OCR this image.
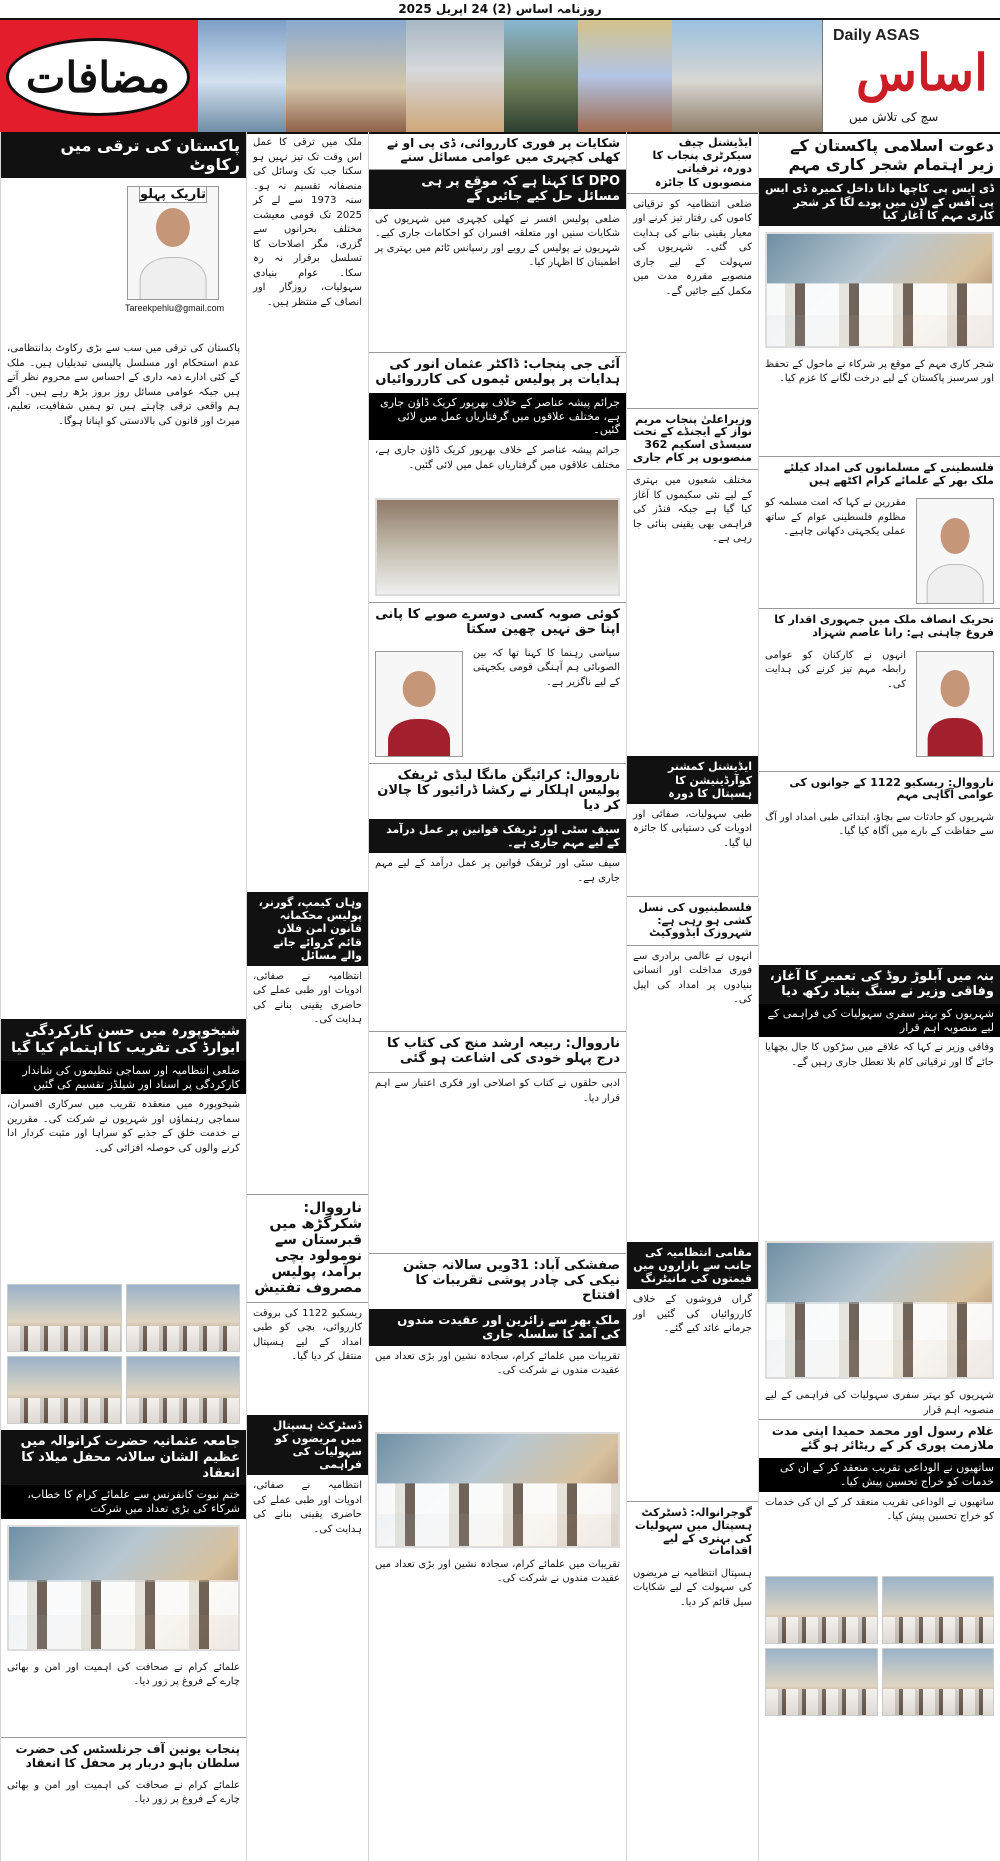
روزنامہ اساس (2) 24 اپریل 2025
مضافات
Daily ASAS
اساس
سچ کی تلاش میں
پاکستان کی ترقی میں رکاوٹ
تاریک پہلو
Tareekpehlu@gmail.com
پاکستان کی ترقی میں سب سے بڑی رکاوٹ بدانتظامی، عدم استحکام اور مسلسل پالیسی تبدیلیاں ہیں۔ ملک کے کئی ادارے ذمہ داری کے احساس سے محروم نظر آتے ہیں جبکہ عوامی مسائل روز بروز بڑھ رہے ہیں۔ اگر ہم واقعی ترقی چاہتے ہیں تو ہمیں شفافیت، تعلیم، میرٹ اور قانون کی بالادستی کو اپنانا ہوگا۔
شیخوپورہ میں حسن کارکردگی ایوارڈ کی تقریب کا اہتمام کیا گیا
ضلعی انتظامیہ اور سماجی تنظیموں کی شاندار کارکردگی پر اسناد اور شیلڈز تقسیم کی گئیں
شیخوپورہ میں منعقدہ تقریب میں سرکاری افسران، سماجی رہنماؤں اور شہریوں نے شرکت کی۔ مقررین نے خدمت خلق کے جذبے کو سراہا اور مثبت کردار ادا کرنے والوں کی حوصلہ افزائی کی۔
جامعہ عثمانیہ حضرت کرانوالہ میں عظیم الشان سالانہ محفل میلاد کا انعقاد
ختم نبوت کانفرنس سے علمائے کرام کا خطاب، شرکاء کی بڑی تعداد میں شرکت
علمائے کرام نے صحافت کی اہمیت اور امن و بھائی چارے کے فروغ پر زور دیا۔
پنجاب یونین آف جرنلسٹس کی حضرت سلطان باہو دربار پر محفل کا انعقاد
علمائے کرام نے صحافت کی اہمیت اور امن و بھائی چارے کے فروغ پر زور دیا۔
ملک میں ترقی کا عمل اس وقت تک تیز نہیں ہو سکتا جب تک وسائل کی منصفانہ تقسیم نہ ہو۔ سنہ 1973 سے لے کر 2025 تک قومی معیشت مختلف بحرانوں سے گزری، مگر اصلاحات کا تسلسل برقرار نہ رہ سکا۔ عوام بنیادی سہولیات، روزگار اور انصاف کے منتظر ہیں۔
وہاں کیمپ، گورنر، پولیس محکمانہ قانون امن فلاں قائم کروائے جانے والے مسائل
انتظامیہ نے صفائی، ادویات اور طبی عملے کی حاضری یقینی بنانے کی ہدایت کی۔
نارووال: شکرگڑھ میں قبرستان سے نومولود بچی برآمد، پولیس مصروف تفتیش
ریسکیو 1122 کی بروقت کارروائی، بچی کو طبی امداد کے لیے ہسپتال منتقل کر دیا گیا۔
ڈسٹرکٹ ہسپتال میں مریضوں کو سہولیات کی فراہمی
انتظامیہ نے صفائی، ادویات اور طبی عملے کی حاضری یقینی بنانے کی ہدایت کی۔
شکایات پر فوری کارروائی، ڈی پی او نے کھلی کچہری میں عوامی مسائل سنے
DPO کا کہنا ہے کہ موقع پر ہی مسائل حل کیے جائیں گے
ضلعی پولیس افسر نے کھلی کچہری میں شہریوں کی شکایات سنیں اور متعلقہ افسران کو احکامات جاری کیے۔ شہریوں نے پولیس کے رویے اور رسپانس ٹائم میں بہتری پر اطمینان کا اظہار کیا۔
آئی جی پنجاب: ڈاکٹر عثمان انور کی ہدایات پر پولیس ٹیموں کی کارروائیاں
جرائم پیشہ عناصر کے خلاف بھرپور کریک ڈاؤن جاری ہے، مختلف علاقوں میں گرفتاریاں عمل میں لائی گئیں۔
جرائم پیشہ عناصر کے خلاف بھرپور کریک ڈاؤن جاری ہے، مختلف علاقوں میں گرفتاریاں عمل میں لائی گئیں۔
کوئی صوبہ کسی دوسرے صوبے کا پانی اپنا حق نہیں چھین سکتا
سیاسی رہنما کا کہنا تھا کہ بین الصوبائی ہم آہنگی قومی یکجہتی کے لیے ناگزیر ہے۔
نارووال: کرائیگن مانگا لیڈی ٹریفک پولیس اہلکار نے رکشا ڈرائیور کا چالان کر دیا
سیف سٹی اور ٹریفک قوانین پر عمل درآمد کے لیے مہم جاری ہے۔
سیف سٹی اور ٹریفک قوانین پر عمل درآمد کے لیے مہم جاری ہے۔
نارووال: ربیعہ ارشد منج کی کتاب کا درج پہلو خودی کی اشاعت ہو گئی
ادبی حلقوں نے کتاب کو اصلاحی اور فکری اعتبار سے اہم قرار دیا۔
صفشکی آباد: 31ویں سالانہ جشن نیکی کی چادر پوشی تقریبات کا افتتاح
ملک بھر سے زائرین اور عقیدت مندوں کی آمد کا سلسلہ جاری
تقریبات میں علمائے کرام، سجادہ نشین اور بڑی تعداد میں عقیدت مندوں نے شرکت کی۔
تقریبات میں علمائے کرام، سجادہ نشین اور بڑی تعداد میں عقیدت مندوں نے شرکت کی۔
ایڈیشنل چیف سیکرٹری پنجاب کا دورہ، ترقیاتی منصوبوں کا جائزہ
ضلعی انتظامیہ کو ترقیاتی کاموں کی رفتار تیز کرنے اور معیار یقینی بنانے کی ہدایت کی گئی۔ شہریوں کی سہولت کے لیے جاری منصوبے مقررہ مدت میں مکمل کیے جائیں گے۔
وزیراعلیٰ پنجاب مریم نواز کے ایجنڈے کے تحت سبسڈی اسکیم 362 منصوبوں پر کام جاری
مختلف شعبوں میں بہتری کے لیے نئی سکیموں کا آغاز کیا گیا ہے جبکہ فنڈز کی فراہمی بھی یقینی بنائی جا رہی ہے۔
ایڈیشنل کمشنر کوآرڈینیشن کا ہسپتال کا دورہ
طبی سہولیات، صفائی اور ادویات کی دستیابی کا جائزہ لیا گیا۔
فلسطینیوں کی نسل کشی ہو رہی ہے: شہروزک ایڈووکیٹ
انہوں نے عالمی برادری سے فوری مداخلت اور انسانی بنیادوں پر امداد کی اپیل کی۔
مقامی انتظامیہ کی جانب سے بازاروں میں قیمتوں کی مانیٹرنگ
گراں فروشوں کے خلاف کارروائیاں کی گئیں اور جرمانے عائد کیے گئے۔
گوجرانوالہ: ڈسٹرکٹ ہسپتال میں سہولیات کی بہتری کے لیے اقدامات
ہسپتال انتظامیہ نے مریضوں کی سہولت کے لیے شکایات سیل قائم کر دیا۔
دعوت اسلامی پاکستان کے زیر اہتمام شجر کاری مہم
ڈی ایس پی کاچھا دانا داخل کمیرہ ڈی ایس پی آفس کے لان میں پودے لگا کر شجر کاری مہم کا آغاز کیا
شجر کاری مہم کے موقع پر شرکاء نے ماحول کے تحفظ اور سرسبز پاکستان کے لیے درخت لگانے کا عزم کیا۔
فلسطینی کے مسلمانوں کی امداد کیلئے ملک بھر کے علمائے کرام اکٹھے ہیں
مقررین نے کہا کہ امت مسلمہ کو مظلوم فلسطینی عوام کے ساتھ عملی یکجہتی دکھانی چاہیے۔
تحریک انصاف ملک میں جمہوری اقدار کا فروغ چاہتی ہے: رانا عاصم شہزاد
انہوں نے کارکنان کو عوامی رابطہ مہم تیز کرنے کی ہدایت کی۔
نارووال: ریسکیو 1122 کے جوانوں کی عوامی آگاہی مہم
شہریوں کو حادثات سے بچاؤ، ابتدائی طبی امداد اور آگ سے حفاظت کے بارے میں آگاہ کیا گیا۔
بنہ میں آبلوڑ روڈ کی تعمیر کا آغاز، وفاقی وزیر نے سنگ بنیاد رکھ دیا
شہریوں کو بہتر سفری سہولیات کی فراہمی کے لیے منصوبہ اہم قرار
وفاقی وزیر نے کہا کہ علاقے میں سڑکوں کا جال بچھایا جائے گا اور ترقیاتی کام بلا تعطل جاری رہیں گے۔
شہریوں کو بہتر سفری سہولیات کی فراہمی کے لیے منصوبہ اہم قرار
غلام رسول اور محمد حمیدا اپنی مدت ملازمت پوری کر کے ریٹائر ہو گئے
ساتھیوں نے الوداعی تقریب منعقد کر کے ان کی خدمات کو خراج تحسین پیش کیا۔
ساتھیوں نے الوداعی تقریب منعقد کر کے ان کی خدمات کو خراج تحسین پیش کیا۔
